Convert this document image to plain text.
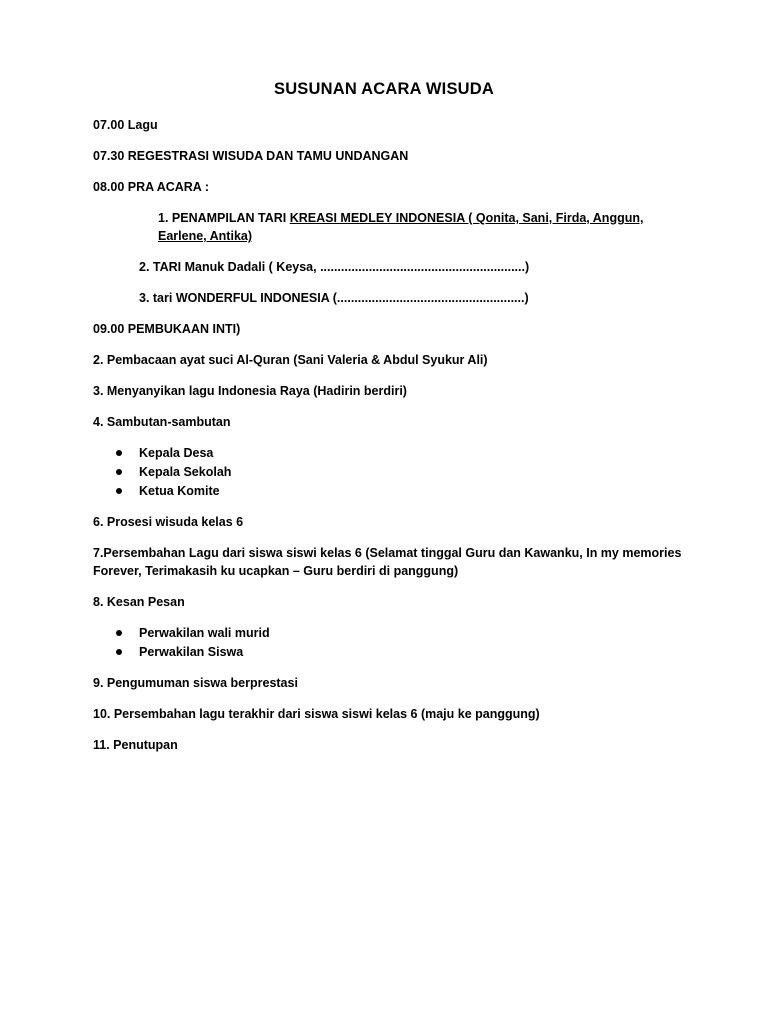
SUSUNAN ACARA WISUDA
07.00 Lagu
07.30 REGESTRASI WISUDA DAN TAMU UNDANGAN
08.00 PRA ACARA :
1. PENAMPILAN TARI KREASI MEDLEY INDONESIA ( Qonita, Sani, Firda, Anggun,
Earlene, Antika)
2. TARI Manuk Dadali ( Keysa, ...........................................................)
3. tari WONDERFUL INDONESIA (......................................................)
09.00 PEMBUKAAN INTI)
2. Pembacaan ayat suci Al-Quran (Sani Valeria & Abdul Syukur Ali)
3. Menyanyikan lagu Indonesia Raya (Hadirin berdiri)
4. Sambutan-sambutan
Kepala Desa
Kepala Sekolah
Ketua Komite
6. Prosesi wisuda kelas 6
7.Persembahan Lagu dari siswa siswi kelas 6 (Selamat tinggal Guru dan Kawanku, In my memories
Forever, Terimakasih ku ucapkan – Guru berdiri di panggung)
8. Kesan Pesan
Perwakilan wali murid
Perwakilan Siswa
9. Pengumuman siswa berprestasi
10. Persembahan lagu terakhir dari siswa siswi kelas 6 (maju ke panggung)
11. Penutupan
